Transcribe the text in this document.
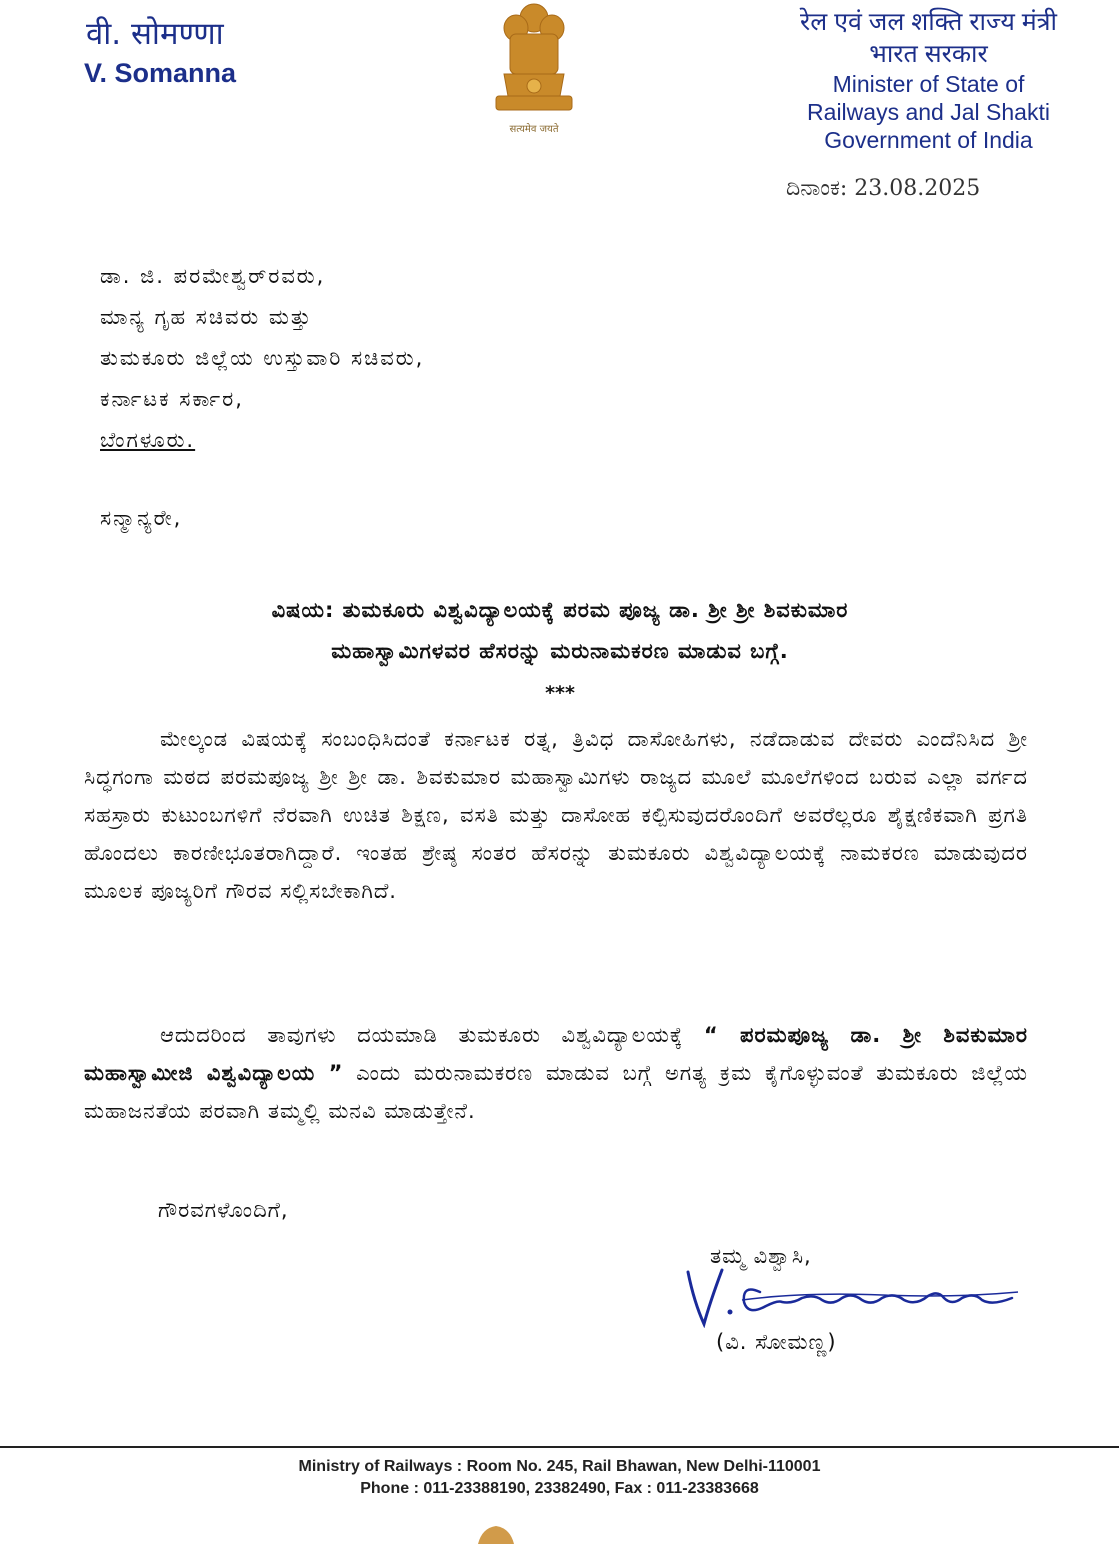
वी. सोमण्णा
V. Somanna
सत्यमेव जयते
रेल एवं जल शक्ति राज्य मंत्री
भारत सरकार
Minister of State of
Railways and Jal Shakti
Government of India
ದಿನಾಂಕ: 23.08.2025
ಡಾ. ಜಿ. ಪರಮೇಶ್ವರ್‌ರವರು,
ಮಾನ್ಯ ಗೃಹ ಸಚಿವರು ಮತ್ತು
ತುಮಕೂರು ಜಿಲ್ಲೆಯ ಉಸ್ತುವಾರಿ ಸಚಿವರು,
ಕರ್ನಾಟಕ ಸರ್ಕಾರ,
ಬೆಂಗಳೂರು.
ಸನ್ಮಾನ್ಯರೇ,
ವಿಷಯ: ತುಮಕೂರು ವಿಶ್ವವಿದ್ಯಾಲಯಕ್ಕೆ ಪರಮ ಪೂಜ್ಯ ಡಾ. ಶ್ರೀ ಶ್ರೀ ಶಿವಕುಮಾರ
ಮಹಾಸ್ವಾಮಿಗಳವರ ಹೆಸರನ್ನು ಮರುನಾಮಕರಣ ಮಾಡುವ ಬಗ್ಗೆ.
***
ಮೇಲ್ಕಂಡ ವಿಷಯಕ್ಕೆ ಸಂಬಂಧಿಸಿದಂತೆ ಕರ್ನಾಟಕ ರತ್ನ, ತ್ರಿವಿಧ ದಾಸೋಹಿಗಳು, ನಡೆದಾಡುವ ದೇವರು ಎಂದೆನಿಸಿದ ಶ್ರೀ ಸಿದ್ಧಗಂಗಾ ಮಠದ ಪರಮಪೂಜ್ಯ ಶ್ರೀ ಶ್ರೀ ಡಾ. ಶಿವಕುಮಾರ ಮಹಾಸ್ವಾಮಿಗಳು ರಾಜ್ಯದ ಮೂಲೆ ಮೂಲೆಗಳಿಂದ ಬರುವ ಎಲ್ಲಾ ವರ್ಗದ ಸಹಸ್ರಾರು ಕುಟುಂಬಗಳಿಗೆ ನೆರವಾಗಿ ಉಚಿತ ಶಿಕ್ಷಣ, ವಸತಿ ಮತ್ತು ದಾಸೋಹ ಕಲ್ಪಿಸುವುದರೊಂದಿಗೆ ಅವರೆಲ್ಲರೂ ಶೈಕ್ಷಣಿಕವಾಗಿ ಪ್ರಗತಿ ಹೊಂದಲು ಕಾರಣೀಭೂತರಾಗಿದ್ದಾರೆ. ಇಂತಹ ಶ್ರೇಷ್ಠ ಸಂತರ ಹೆಸರನ್ನು ತುಮಕೂರು ವಿಶ್ವವಿದ್ಯಾಲಯಕ್ಕೆ ನಾಮಕರಣ ಮಾಡುವುದರ ಮೂಲಕ ಪೂಜ್ಯರಿಗೆ ಗೌರವ ಸಲ್ಲಿಸಬೇಕಾಗಿದೆ.
ಆದುದರಿಂದ ತಾವುಗಳು ದಯಮಾಡಿ ತುಮಕೂರು ವಿಶ್ವವಿದ್ಯಾಲಯಕ್ಕೆ “ ಪರಮಪೂಜ್ಯ ಡಾ. ಶ್ರೀ ಶಿವಕುಮಾರ ಮಹಾಸ್ವಾಮೀಜಿ ವಿಶ್ವವಿದ್ಯಾಲಯ ” ಎಂದು ಮರುನಾಮಕರಣ ಮಾಡುವ ಬಗ್ಗೆ ಅಗತ್ಯ ಕ್ರಮ ಕೈಗೊಳ್ಳುವಂತೆ ತುಮಕೂರು ಜಿಲ್ಲೆಯ ಮಹಾಜನತೆಯ ಪರವಾಗಿ ತಮ್ಮಲ್ಲಿ ಮನವಿ ಮಾಡುತ್ತೇನೆ.
ಗೌರವಗಳೊಂದಿಗೆ,
ತಮ್ಮ ವಿಶ್ವಾಸಿ,
(ವಿ. ಸೋಮಣ್ಣ)
Ministry of Railways : Room No. 245, Rail Bhawan, New Delhi-110001
Phone : 011-23388190, 23382490, Fax : 011-23383668
